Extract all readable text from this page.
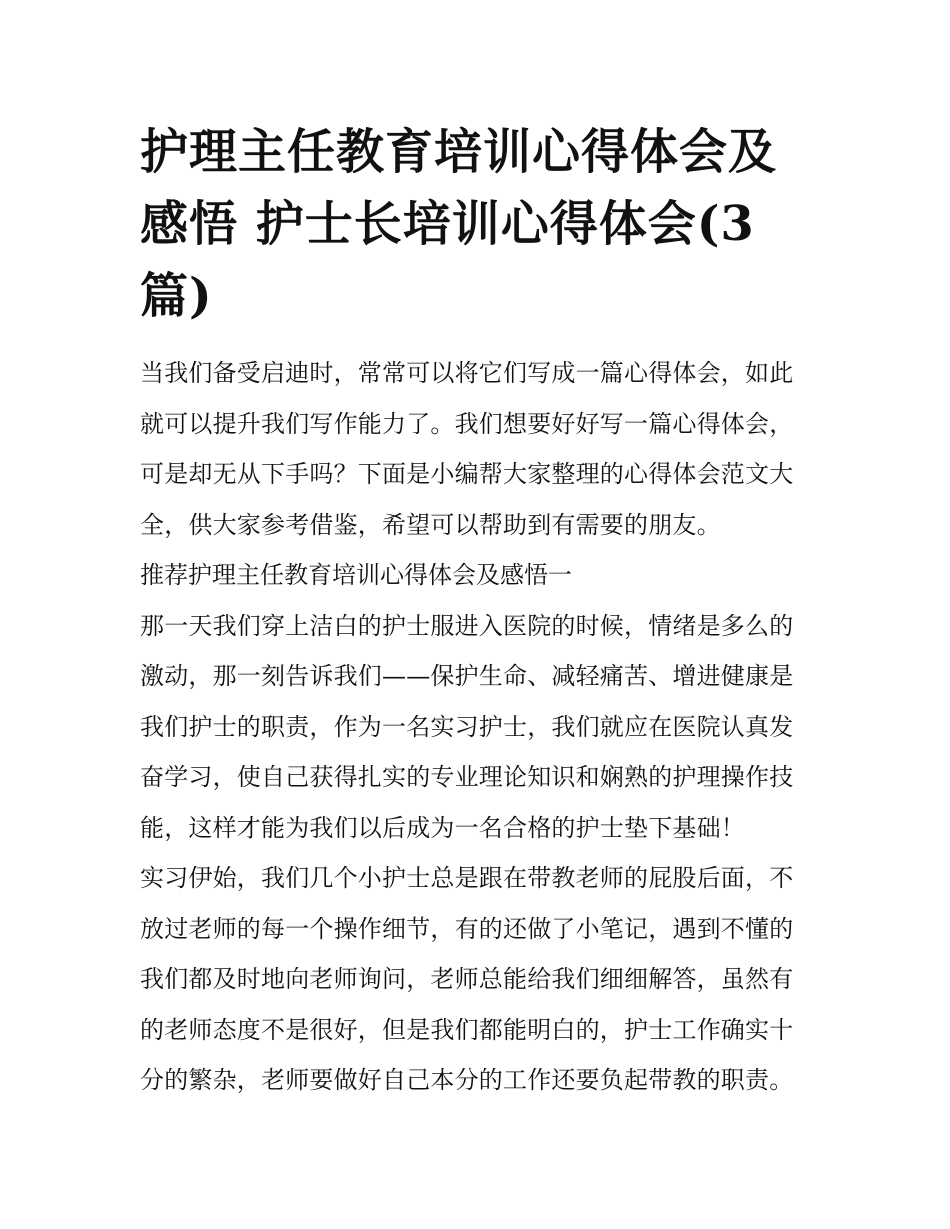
护理主任教育培训心得体会及感悟 护士长培训心得体会(3篇)

当我们备受启迪时，常常可以将它们写成一篇心得体会，如此就可以提升我们写作能力了。我们想要好好写一篇心得体会，可是却无从下手吗？下面是小编帮大家整理的心得体会范文大全，供大家参考借鉴，希望可以帮助到有需要的朋友。

推荐护理主任教育培训心得体会及感悟一

那一天我们穿上洁白的护士服进入医院的时候，情绪是多么的激动，那一刻告诉我们——保护生命、减轻痛苦、增进健康是我们护士的职责，作为一名实习护士，我们就应在医院认真发奋学习，使自己获得扎实的专业理论知识和娴熟的护理操作技能，这样才能为我们以后成为一名合格的护士垫下基础！

实习伊始，我们几个小护士总是跟在带教老师的屁股后面，不放过老师的每一个操作细节，有的还做了小笔记，遇到不懂的我们都及时地向老师询问，老师总能给我们细细解答，虽然有的老师态度不是很好，但是我们都能明白的，护士工作确实十分的繁杂，老师要做好自己本分的工作还要负起带教的职责。
